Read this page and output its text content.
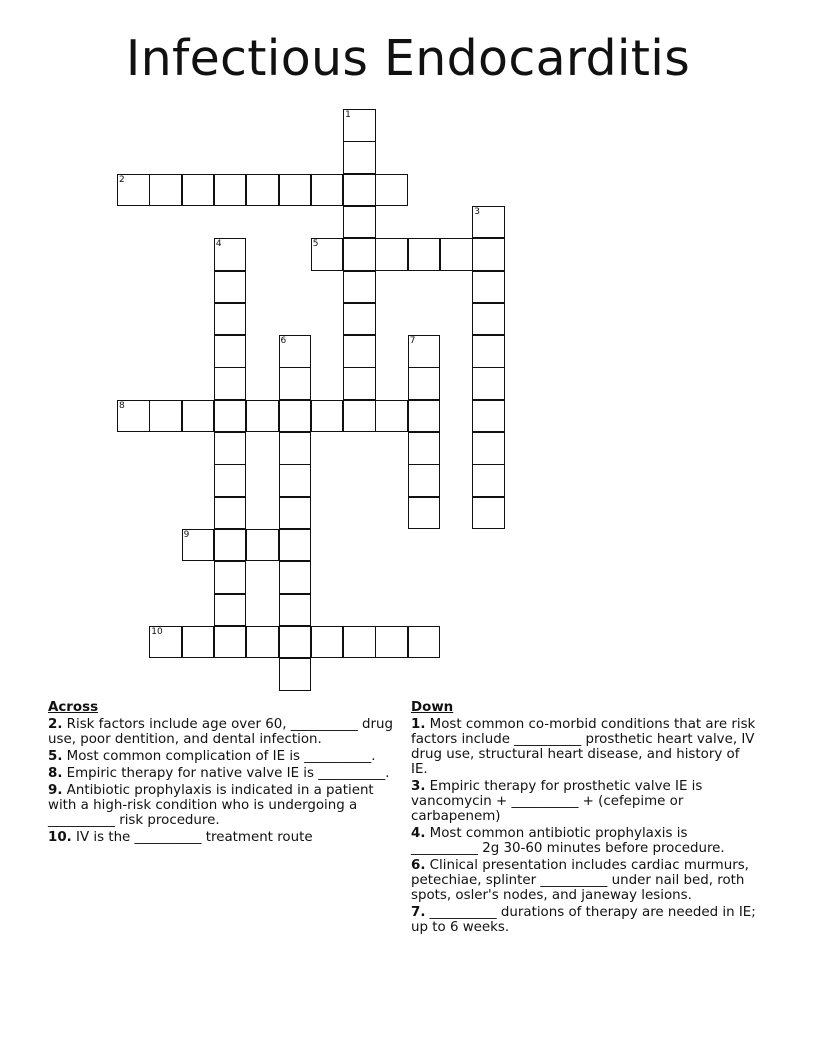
Infectious Endocarditis
1
2
3
4	5
6	7
8
9
10
Across
2. Risk factors include age over 60, __________ drug use, poor dentition, and dental infection.
5. Most common complication of IE is __________.
8. Empiric therapy for native valve IE is __________.
9. Antibiotic prophylaxis is indicated in a patient with a high-risk condition who is undergoing a __________ risk procedure.
10. IV is the __________ treatment route
Down
1. Most common co-morbid conditions that are risk factors include __________ prosthetic heart valve, IV drug use, structural heart disease, and history of IE.
3. Empiric therapy for prosthetic valve IE is vancomycin + __________ + (cefepime or carbapenem)
4. Most common antibiotic prophylaxis is __________ 2g 30-60 minutes before procedure.
6. Clinical presentation includes cardiac murmurs, petechiae, splinter __________ under nail bed, roth spots, osler's nodes, and janeway lesions.
7. __________ durations of therapy are needed in IE; up to 6 weeks.
